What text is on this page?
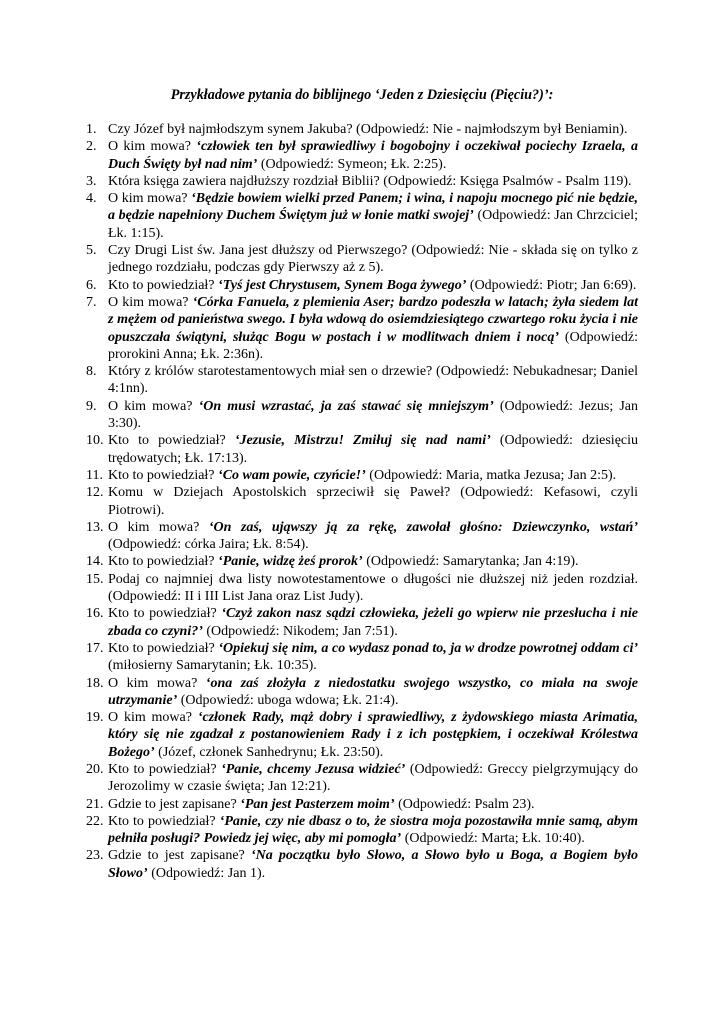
Przykładowe pytania do biblijnego ‘Jeden z Dziesięciu (Pięciu?)’:
1. Czy Józef był najmłodszym synem Jakuba? (Odpowiedź: Nie - najmłodszym był Beniamin).
2. O kim mowa? ‘człowiek ten był sprawiedliwy i bogobojny i oczekiwał pociechy Izraela, a Duch Święty był nad nim’ (Odpowiedź: Symeon; Łk. 2:25).
3. Która księga zawiera najdłuższy rozdział Biblii? (Odpowiedź: Księga Psalmów - Psalm 119).
4. O kim mowa? ‘Będzie bowiem wielki przed Panem; i wina, i napoju mocnego pić nie będzie, a będzie napełniony Duchem Świętym już w łonie matki swojej’ (Odpowiedź: Jan Chrzciciel; Łk. 1:15).
5. Czy Drugi List św. Jana jest dłuższy od Pierwszego? (Odpowiedź: Nie - składa się on tylko z jednego rozdziału, podczas gdy Pierwszy aż z 5).
6. Kto to powiedział? ‘Tyś jest Chrystusem, Synem Boga żywego’ (Odpowiedź: Piotr; Jan 6:69).
7. O kim mowa? ‘Córka Fanuela, z plemienia Aser; bardzo podeszła w latach; żyła siedem lat z mężem od panieństwa swego. I była wdową do osiemdziesiątego czwartego roku życia i nie opuszczała świątyni, służąc Bogu w postach i w modlitwach dniem i nocą’ (Odpowiedź: prorokini Anna; Łk. 2:36n).
8. Który z królów starotestamentowych miał sen o drzewie? (Odpowiedź: Nebukadnesar; Daniel 4:1nn).
9. O kim mowa? ‘On musi wzrastać, ja zaś stawać się mniejszym’ (Odpowiedź: Jezus; Jan 3:30).
10. Kto to powiedział? ‘Jezusie, Mistrzu! Zmiłuj się nad nami’ (Odpowiedź: dziesięciu trędowatych; Łk. 17:13).
11. Kto to powiedział? ‘Co wam powie, czyńcie!’ (Odpowiedź: Maria, matka Jezusa; Jan 2:5).
12. Komu w Dziejach Apostolskich sprzeciwił się Paweł? (Odpowiedź: Kefasowi, czyli Piotrowi).
13. O kim mowa? ‘On zaś, ująwszy ją za rękę, zawołał głośno: Dziewczynko, wstań’ (Odpowiedź: córka Jaira; Łk. 8:54).
14. Kto to powiedział? ‘Panie, widzę żeś prorok’ (Odpowiedź: Samarytanka; Jan 4:19).
15. Podaj co najmniej dwa listy nowotestamentowe o długości nie dłuższej niż jeden rozdział. (Odpowiedź: II i III List Jana oraz List Judy).
16. Kto to powiedział? ‘Czyż zakon nasz sądzi człowieka, jeżeli go wpierw nie przesłucha i nie zbada co czyni?’ (Odpowiedź: Nikodem; Jan 7:51).
17. Kto to powiedział? ‘Opiekuj się nim, a co wydasz ponad to, ja w drodze powrotnej oddam ci’ (miłosierny Samarytanin; Łk. 10:35).
18. O kim mowa? ‘ona zaś złożyła z niedostatku swojego wszystko, co miała na swoje utrzymanie’ (Odpowiedź: uboga wdowa; Łk. 21:4).
19. O kim mowa? ‘członek Rady, mąż dobry i sprawiedliwy, z żydowskiego miasta Arimatia, który się nie zgadzał z postanowieniem Rady i z ich postępkiem, i oczekiwał Królestwa Bożego’ (Józef, członek Sanhedrynu; Łk. 23:50).
20. Kto to powiedział? ‘Panie, chcemy Jezusa widzieć’ (Odpowiedź: Greccy pielgrzymujący do Jerozolimy w czasie święta; Jan 12:21).
21. Gdzie to jest zapisane? ‘Pan jest Pasterzem moim’ (Odpowiedź: Psalm 23).
22. Kto to powiedział? ‘Panie, czy nie dbasz o to, że siostra moja pozostawiła mnie samą, abym pełniła posługi? Powiedz jej więc, aby mi pomogła’ (Odpowiedź: Marta; Łk. 10:40).
23. Gdzie to jest zapisane? ‘Na początku było Słowo, a Słowo było u Boga, a Bogiem było Słowo’ (Odpowiedź: Jan 1).
